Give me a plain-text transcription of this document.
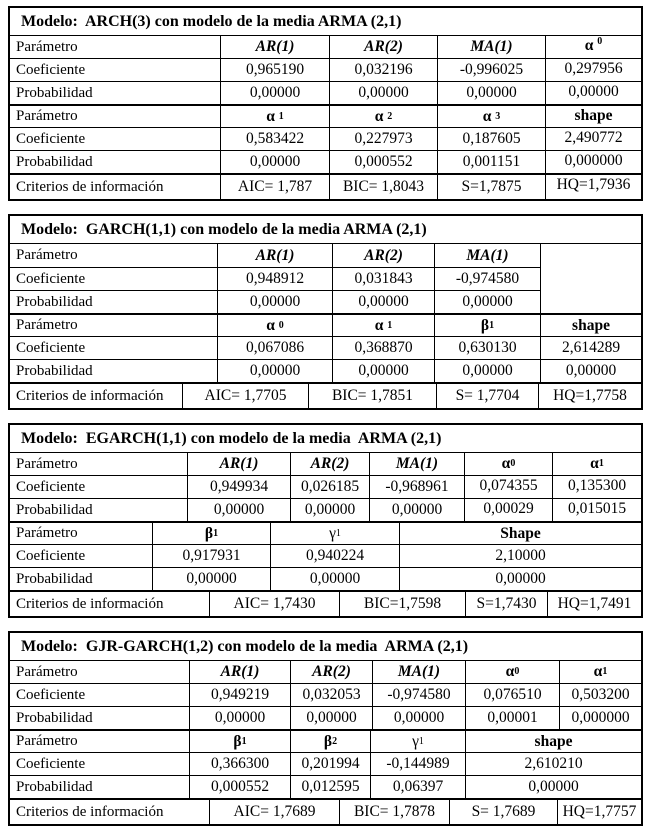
Modelo:  ARCH(3) con modelo de la media ARMA (2,1)
Parámetro	AR(1)	AR(2)	MA(1)	α $^0$
Coeficiente	0,965190	0,032196	-0,996025	0,297956
Probabilidad	0,00000	0,00000	0,00000	0,00000
Parámetro	α 1	α 2	α 3	shape
Coeficiente	0,583422	0,227973	0,187605	2,490772
Probabilidad	0,00000	0,000552	0,001151	0,000000
Criterios de información	AIC= 1,787	BIC= 1,8043	S=1,7875	HQ=1,7936
Modelo:  GARCH(1,1) con modelo de la media ARMA (2,1)
Parámetro	AR(1)	AR(2)	MA(1)
Coeficiente	0,948912	0,031843	-0,974580
Probabilidad	0,00000	0,00000	0,00000
Parámetro	α 0	α 1	β 1	shape
Coeficiente	0,067086	0,368870	0,630130	2,614289
Probabilidad	0,00000	0,00000	0,00000	0,00000
Criterios de información	AIC= 1,7705	BIC= 1,7851	S= 1,7704	HQ=1,7758
Modelo:  EGARCH(1,1) con modelo de la media  ARMA (2,1)
Parámetro	AR(1)	AR(2)	MA(1)	α 0	α 1
Coeficiente	0,949934	0,026185	-0,968961	0,074355	0,135300
Probabilidad	0,00000	0,00000	0,00000	0,00029	0,015015
Parámetro	β 1	γ 1	Shape
Coeficiente	0,917931	0,940224	2,10000
Probabilidad	0,00000	0,00000	0,00000
Criterios de información	AIC= 1,7430	BIC=1,7598	S=1,7430	HQ=1,7491
Modelo:  GJR-GARCH(1,2) con modelo de la media  ARMA (2,1)
Parámetro	AR(1)	AR(2)	MA(1)	α 0	α 1
Coeficiente	0,949219	0,032053	-0,974580	0,076510	0,503200
Probabilidad	0,00000	0,00000	0,00000	0,00001	0,000000
Parámetro	β 1	β 2	γ 1	shape
Coeficiente	0,366300	0,201994	-0,144989	2,610210
Probabilidad	0,000552	0,012595	0,06397	0,00000
Criterios de información	AIC= 1,7689	BIC= 1,7878	S= 1,7689	HQ=1,7757
